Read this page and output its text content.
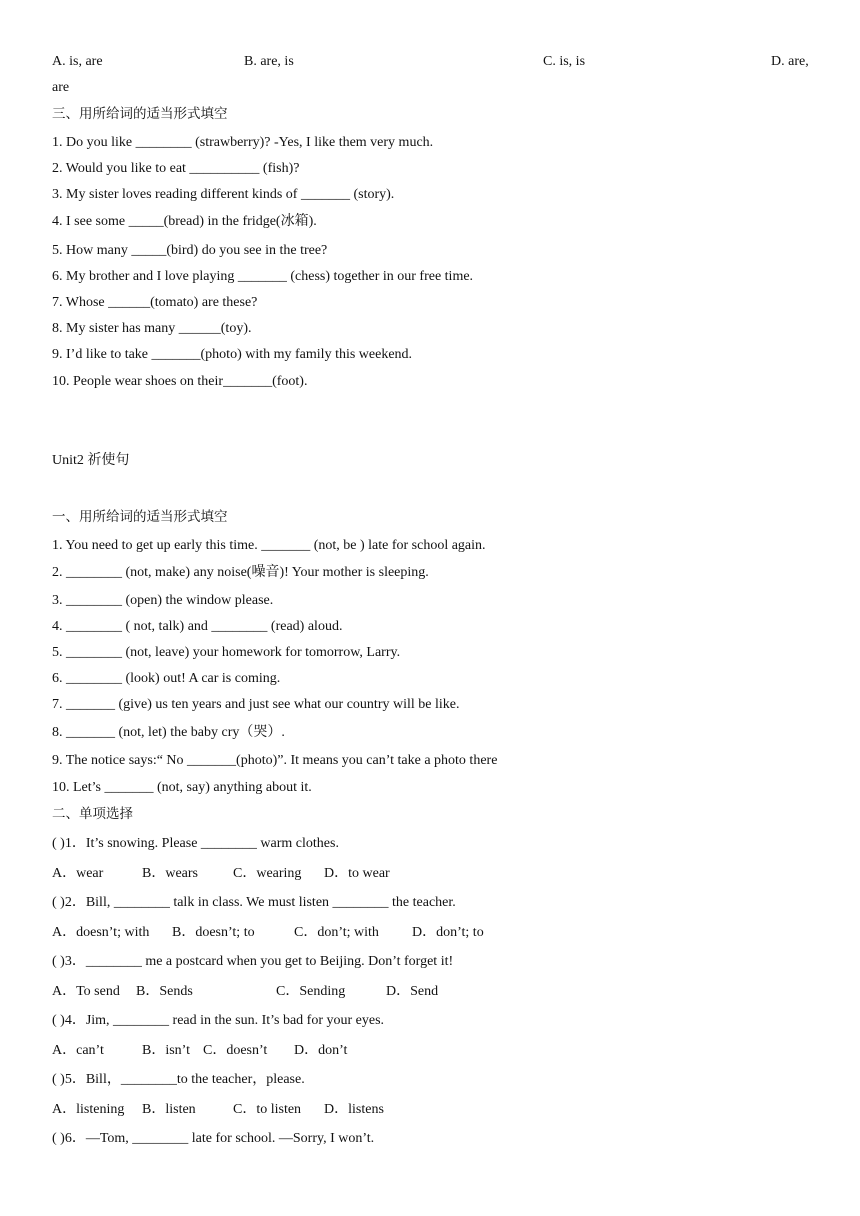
A. is, are	B. are, is	C. is, is	D. are,
are
三、用所给词的适当形式填空
1. Do you like ________ (strawberry)? -Yes, I like them very much.
2. Would you like to eat __________ (fish)?
3. My sister loves reading different kinds of _______ (story).
4. I see some _____(bread) in the fridge(冰箱).
5. How many _____(bird) do you see in the tree?
6. My brother and I love playing _______ (chess) together in our free time.
7. Whose ______(tomato) are these?
8. My sister has many ______(toy).
9. I’d like to take _______(photo) with my family this weekend.
10. People wear shoes on their_______(foot).
Unit2 祈使句
一、用所给词的适当形式填空
1. You need to get up early this time. _______ (not, be ) late for school again.
2. ________ (not, make) any noise(噪音)! Your mother is sleeping.
3. ________ (open) the window please.
4. ________ ( not, talk) and ________ (read) aloud.
5. ________ (not, leave) your homework for tomorrow, Larry.
6. ________ (look) out! A car is coming.
7. _______ (give) us ten years and just see what our country will be like.
8. _______ (not, let) the baby cry（哭）.
9. The notice says:“ No _______(photo)”. It means you can’t take a photo there
10. Let’s _______ (not, say) anything about it.
二、单项选择
( )1．It’s snowing. Please ________ warm clothes.
A．wear	B．wears	C．wearing D．to wear
( )2．Bill, ________ talk in class. We must listen ________ the teacher.
A．doesn’t; with B．doesn’t; to	C．don’t; with D．don’t; to
( )3．________ me a postcard when you get to Beijing. Don’t forget it!
A．To send B．Sends	C．Sending	D．Send
( )4．Jim, ________ read in the sun. It’s bad for your eyes.
A．can’t	B．isn’t C．doesn’t D．don’t
( )5．Bill，________to the teacher，please.
A．listening B．listen	C．to listen D．listens
( )6．—Tom, ________ late for school. —Sorry, I won’t.
